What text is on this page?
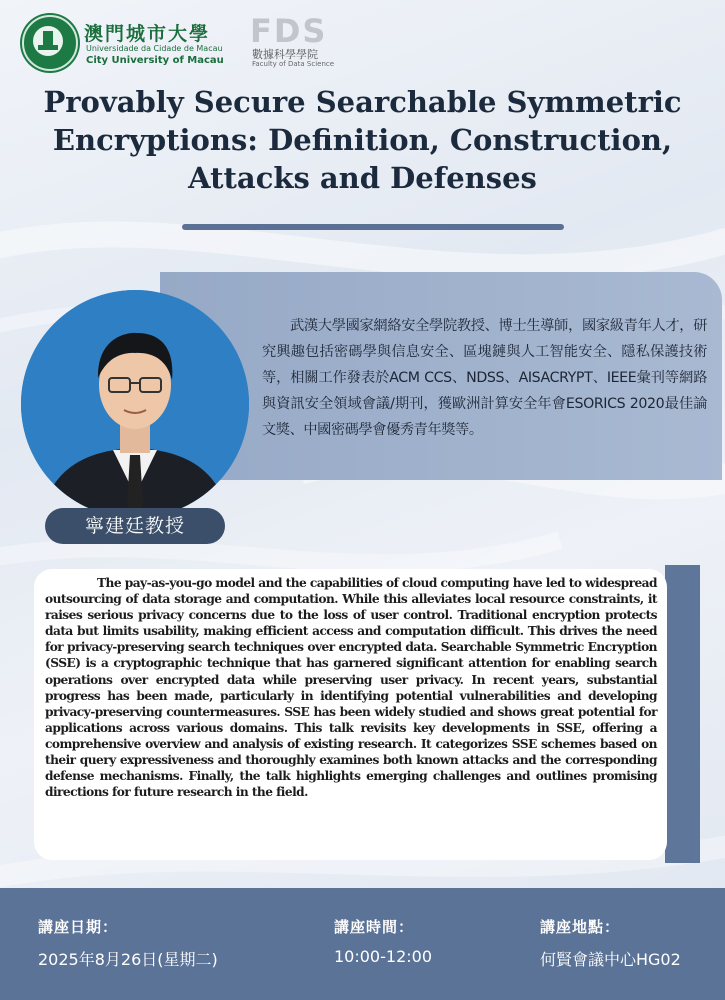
澳門城市大學
Universidade da Cidade de Macau
City University of Macau
FDS
數據科學學院
Faculty of Data Science
Provably Secure Searchable Symmetric
Encryptions: Definition, Construction,
Attacks and Defenses

武漢大學國家網絡安全學院教授、博士生導師，國家級青年人才，研究興趣包括密碼學與信息安全、區塊鏈與人工智能安全、隱私保護技術等，相關工作發表於ACM CCS、NDSS、AISACRYPT、IEEE彙刊等網路與資訊安全領域會議/期刊，獲歐洲計算安全年會ESORICS 2020最佳論文獎、中國密碼學會優秀青年獎等。

寧建廷教授

The pay-as-you-go model and the capabilities of cloud computing have led to widespread outsourcing of data storage and computation. While this alleviates local resource constraints, it raises serious privacy concerns due to the loss of user control. Traditional encryption protects data but limits usability, making efficient access and computation difficult. This drives the need for privacy-preserving search techniques over encrypted data. Searchable Symmetric Encryption (SSE) is a cryptographic technique that has garnered significant attention for enabling search operations over encrypted data while preserving user privacy. In recent years, substantial progress has been made, particularly in identifying potential vulnerabilities and developing privacy-preserving countermeasures. SSE has been widely studied and shows great potential for applications across various domains. This talk revisits key developments in SSE, offering a comprehensive overview and analysis of existing research. It categorizes SSE schemes based on their query expressiveness and thoroughly examines both known attacks and the corresponding defense mechanisms. Finally, the talk highlights emerging challenges and outlines promising directions for future research in the field.

講座日期：
2025年8月26日(星期二)
講座時間：
10:00-12:00
講座地點：
何賢會議中心HG02
